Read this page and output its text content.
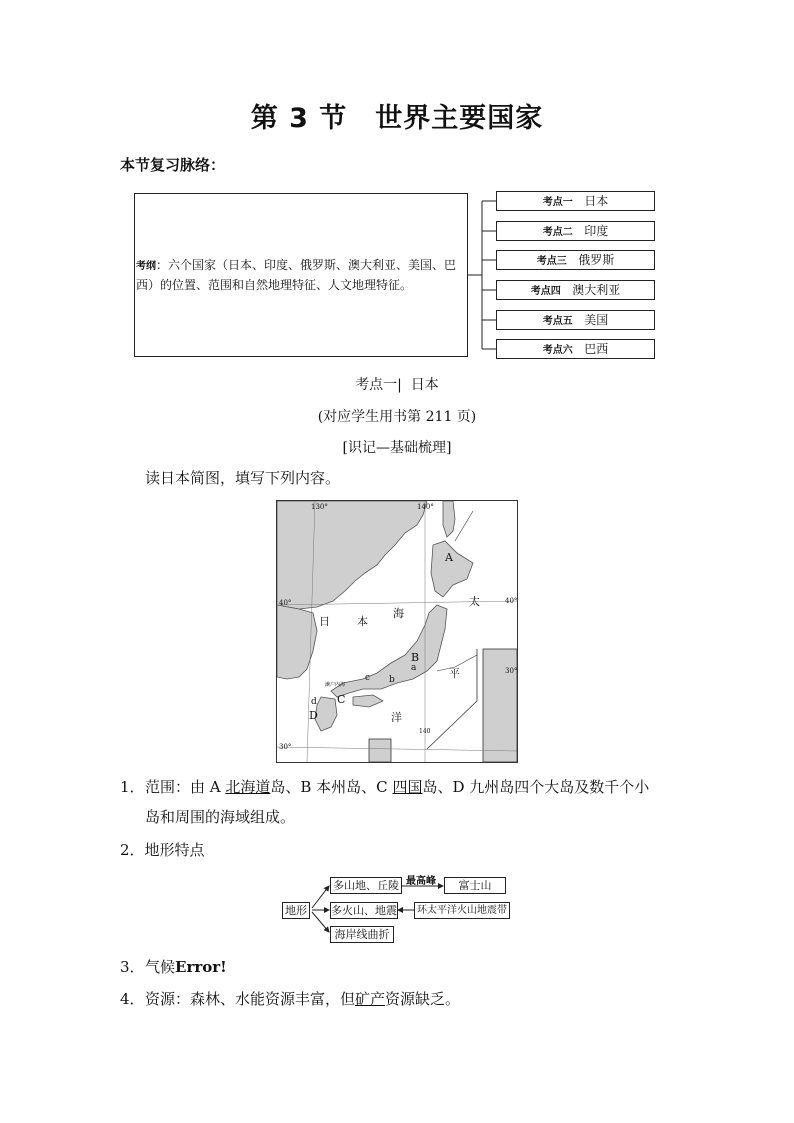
第 3 节　世界主要国家
本节复习脉络：
考纲：六个国家（日本、印度、俄罗斯、澳大利亚、美国、巴西）的位置、范围和自然地理特征、人文地理特征。
考点一 日本
考点二 印度
考点三 俄罗斯
考点四 澳大利亚
考点五 美国
考点六 巴西
考点一|  日本
(对应学生用书第 211 页)
[识记—基础梳理]
读日本简图，填写下列内容。
130°	140°
40°	40°
30°
30°
140
日 本
海
太
平
洋
A
B
a
b
c
C
d
D
濑户内海
1． 范围：由 A 北海道岛、B 本州岛、C 四国岛、D 九州岛四个大岛及数千个小
岛和周围的海域组成。
2．地形特点
地形
多山地、丘陵 最高峰	富士山
多火山、地震	环太平洋火山地震带
海岸线曲折
3． 气候Error!
4． 资源：森林、水能资源丰富，但矿产资源缺乏。
